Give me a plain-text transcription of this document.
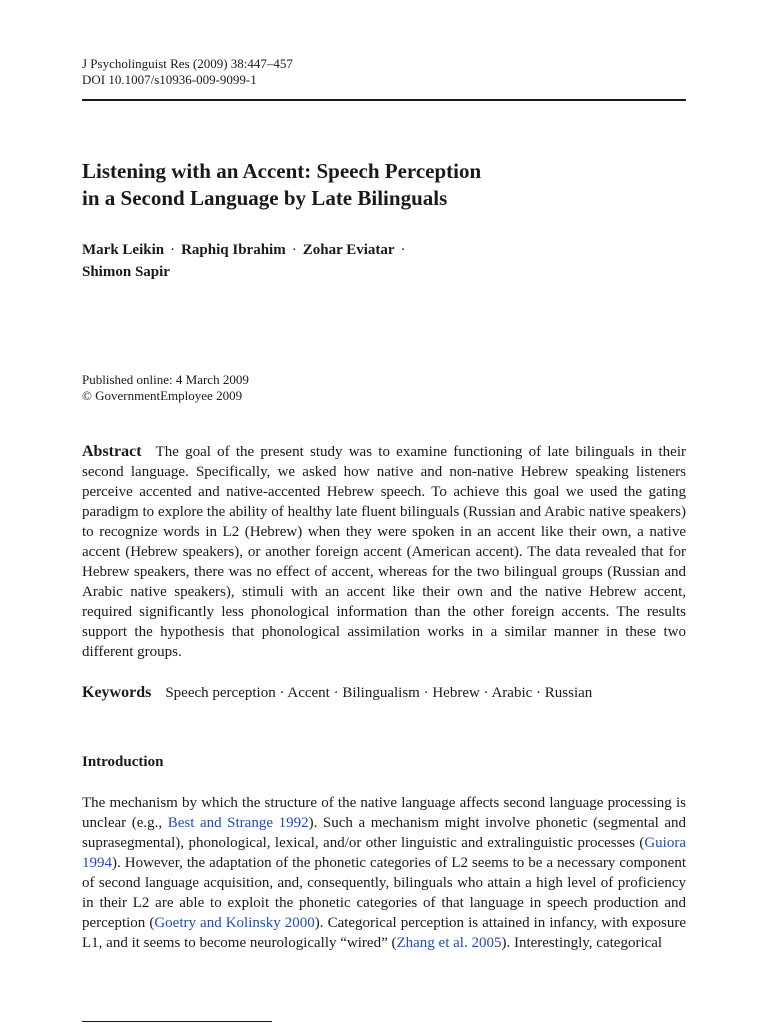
J Psycholinguist Res (2009) 38:447–457
DOI 10.1007/s10936-009-9099-1
Listening with an Accent: Speech Perception
in a Second Language by Late Bilinguals
Mark Leikin · Raphiq Ibrahim · Zohar Eviatar ·
Shimon Sapir
Published online: 4 March 2009
© GovernmentEmployee 2009
Abstract The goal of the present study was to examine functioning of late bilinguals in their second language. Specifically, we asked how native and non-native Hebrew speaking listeners perceive accented and native-accented Hebrew speech. To achieve this goal we used the gating paradigm to explore the ability of healthy late fluent bilinguals (Russian and Arabic native speakers) to recognize words in L2 (Hebrew) when they were spoken in an accent like their own, a native accent (Hebrew speakers), or another foreign accent (American accent). The data revealed that for Hebrew speakers, there was no effect of accent, whereas for the two bilingual groups (Russian and Arabic native speakers), stimuli with an accent like their own and the native Hebrew accent, required significantly less phonological information than the other foreign accents. The results support the hypothesis that phonological assimilation works in a similar manner in these two different groups.
Keywords Speech perception · Accent · Bilingualism · Hebrew · Arabic · Russian
Introduction
The mechanism by which the structure of the native language affects second language processing is unclear (e.g., Best and Strange 1992). Such a mechanism might involve phonetic (segmental and suprasegmental), phonological, lexical, and/or other linguistic and extralinguistic processes (Guiora 1994). However, the adaptation of the phonetic categories of L2 seems to be a necessary component of second language acquisition, and, consequently, bilinguals who attain a high level of proficiency in their L2 are able to exploit the phonetic categories of that language in speech production and perception (Goetry and Kolinsky 2000). Categorical perception is attained in infancy, with exposure L1, and it seems to become neurologically “wired” (Zhang et al. 2005). Interestingly, categorical
